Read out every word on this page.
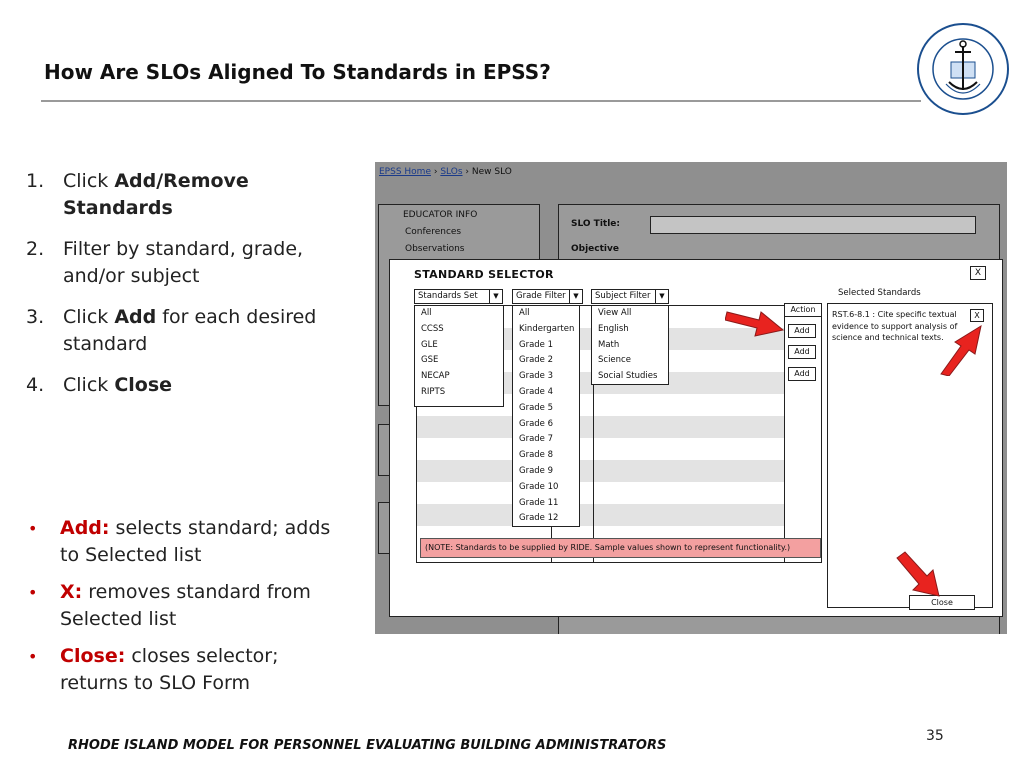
How Are SLOs Aligned To Standards in EPSS?
1. Click Add/Remove Standards
2. Filter by standard, grade, and/or subject
3. Click Add for each desired standard
4. Click Close
•	Add: selects standard; adds to Selected list
•	X: removes standard from Selected list
•	Close: closes selector; returns to SLO Form
EPSS Home › SLOs › New SLO
EDUCATOR INFO
Conferences
Observations
SLO Title:
Objective
STANDARD SELECTOR	X
Standards Set	▼	Grade Filter	▼	Subject Filter	▼
All
CCSS
GLE
GSE
NECAP
RIPTS
All
Kindergarten
Grade 1
Grade 2
Grade 3
Grade 4
Grade 5
Grade 6
Grade 7
Grade 8
Grade 9
Grade 10
Grade 11
Grade 12
View All
English
Math
Science
Social Studies
Action
Add
Add
Add
(NOTE: Standards to be supplied by RIDE. Sample values shown to represent functionality.)
Selected Standards
RST.6-8.1 : Cite specific textual evidence to support analysis of science and technical texts.
X
Close
RHODE ISLAND MODEL FOR PERSONNEL EVALUATING BUILDING ADMINISTRATORS
35
